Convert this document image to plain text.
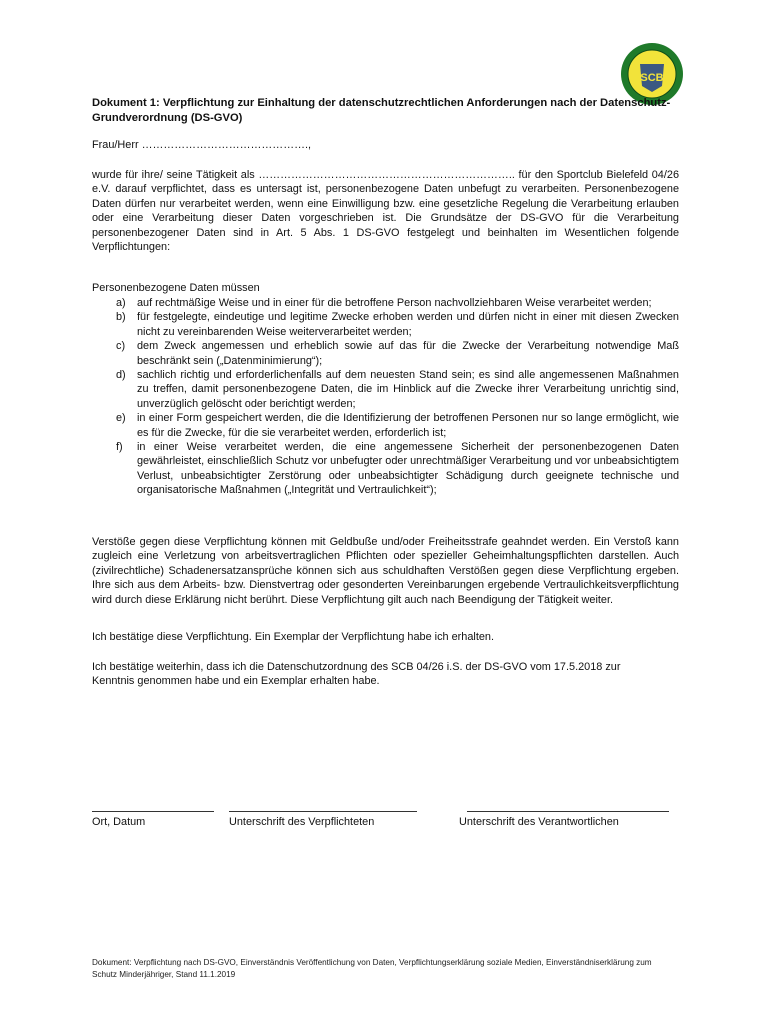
SCB
Dokument 1: Verpflichtung zur Einhaltung der datenschutzrechtlichen Anforderungen nach der Datenschutz-Grundverordnung (DS-GVO)
Frau/Herr ……………………………………….,
wurde für ihre/ seine Tätigkeit als …………………………………………………………….. für den Sportclub Bielefeld 04/26 e.V. darauf verpflichtet, dass es untersagt ist, personenbezogene Daten unbefugt zu verarbeiten. Personenbezogene Daten dürfen nur verarbeitet werden, wenn eine Einwilligung bzw. eine gesetzliche Regelung die Verarbeitung erlauben oder eine Verarbeitung dieser Daten vorgeschrieben ist. Die Grundsätze der DS-GVO für die Verarbeitung personenbezogener Daten sind in Art. 5 Abs. 1 DS-GVO festgelegt und beinhalten im Wesentlichen folgende Verpflichtungen:
Personenbezogene Daten müssen
a)	auf rechtmäßige Weise und in einer für die betroffene Person nachvollziehbaren Weise verarbeitet werden;
b)	für festgelegte, eindeutige und legitime Zwecke erhoben werden und dürfen nicht in einer mit diesen Zwecken nicht zu vereinbarenden Weise weiterverarbeitet werden;
c)	dem Zweck angemessen und erheblich sowie auf das für die Zwecke der Verarbeitung notwendige Maß beschränkt sein („Datenminimierung“);
d)	sachlich richtig und erforderlichenfalls auf dem neuesten Stand sein; es sind alle angemessenen Maßnahmen zu treffen, damit personenbezogene Daten, die im Hinblick auf die Zwecke ihrer Verarbeitung unrichtig sind, unverzüglich gelöscht oder berichtigt werden;
e)	in einer Form gespeichert werden, die die Identifizierung der betroffenen Personen nur so lange ermöglicht, wie es für die Zwecke, für die sie verarbeitet werden, erforderlich ist;
f)	in einer Weise verarbeitet werden, die eine angemessene Sicherheit der personenbezogenen Daten gewährleistet, einschließlich Schutz vor unbefugter oder unrechtmäßiger Verarbeitung und vor unbeabsichtigtem Verlust, unbeabsichtigter Zerstörung oder unbeabsichtigter Schädigung durch geeignete technische und organisatorische Maßnahmen („Integrität und Vertraulichkeit“);
Verstöße gegen diese Verpflichtung können mit Geldbuße und/oder Freiheitsstrafe geahndet werden. Ein Verstoß kann zugleich eine Verletzung von arbeitsvertraglichen Pflichten oder spezieller Geheimhaltungspflichten darstellen. Auch (zivilrechtliche) Schadenersatzansprüche können sich aus schuldhaften Verstößen gegen diese Verpflichtung ergeben. Ihre sich aus dem Arbeits- bzw. Dienstvertrag oder gesonderten Vereinbarungen ergebende Vertraulichkeitsverpflichtung wird durch diese Erklärung nicht berührt. Diese Verpflichtung gilt auch nach Beendigung der Tätigkeit weiter.
Ich bestätige diese Verpflichtung. Ein Exemplar der Verpflichtung habe ich erhalten.
Ich bestätige weiterhin, dass ich die Datenschutzordnung des SCB 04/26 i.S. der DS-GVO vom 17.5.2018 zur Kenntnis genommen habe und ein Exemplar erhalten habe.
Ort, Datum	Unterschrift des Verpflichteten	Unterschrift des Verantwortlichen
Dokument: Verpflichtung nach DS-GVO, Einverständnis Veröffentlichung von Daten, Verpflichtungserklärung soziale Medien, Einverständniserklärung zum Schutz Minderjähriger, Stand 11.1.2019
